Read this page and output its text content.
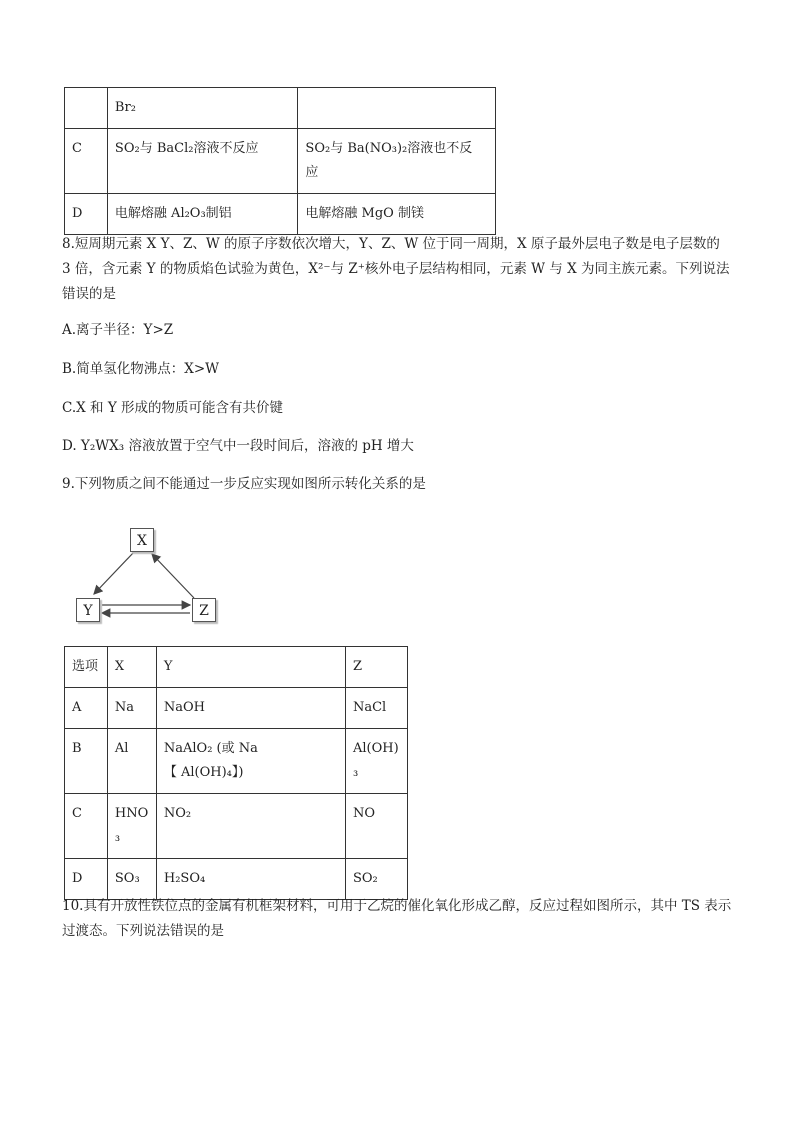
	Br₂	
C	SO₂与 BaCl₂溶液不反应	SO₂与 Ba(NO₃)₂溶液也不反
应
D	电解熔融 Al₂O₃制铝	电解熔融 MgO 制镁

8.短周期元素 X Y、Z、W 的原子序数依次增大，Y、Z、W 位于同一周期，X 原子最外层电子数是电子层数的 3 倍，含元素 Y 的物质焰色试验为黄色，X²⁻与 Z⁺核外电子层结构相同，元素 W 与 X 为同主族元素。下列说法错误的是

A.离子半径：Y>Z

B.简单氢化物沸点：X>W

C.X 和 Y 形成的物质可能含有共价键

D. Y₂WX₃ 溶液放置于空气中一段时间后，溶液的 pH 增大

9.下列物质之间不能通过一步反应实现如图所示转化关系的是

X
Y	Z
选项	X	Y	Z
A	Na	NaOH	NaCl
B	Al	NaAlO₂ (或 Na
【 Al(OH)₄】)	Al(OH)
₃
C	HNO
₃	NO₂	NO
D	SO₃	H₂SO₄	SO₂

10.具有开放性铁位点的金属有机框架材料，可用于乙烷的催化氧化形成乙醇，反应过程如图所示，其中 TS 表示过渡态。下列说法错误的是
